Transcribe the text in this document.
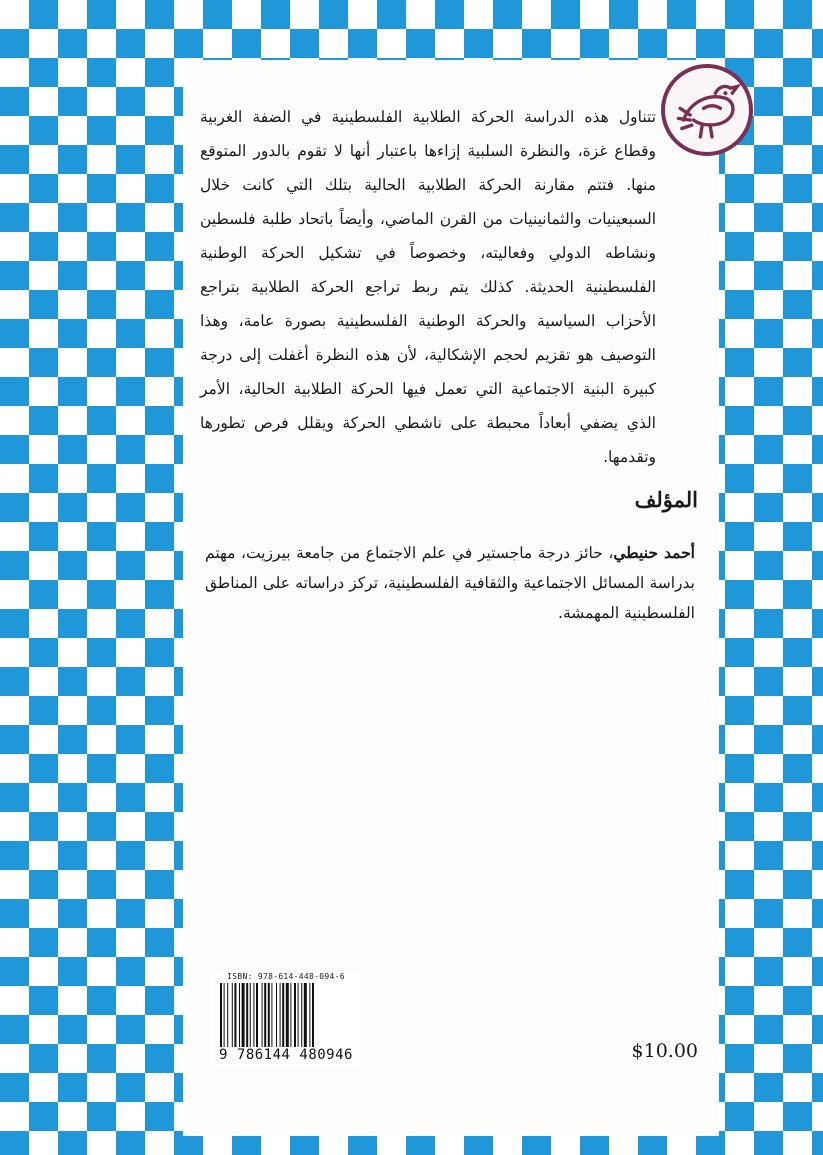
تتناول هذه الدراسة الحركة الطلابية الفلسطينية في الضفة الغربية وقطاع غزة، والنظرة السلبية إزاءها باعتبار أنها لا تقوم بالدور المتوقع منها. فتتم مقارنة الحركة الطلابية الحالية بتلك التي كانت خلال السبعينيات والثمانينيات من القرن الماضي، وأيضاً باتحاد طلبة فلسطين ونشاطه الدولي وفعاليته، وخصوصاً في تشكيل الحركة الوطنية الفلسطينية الحديثة. كذلك يتم ربط تراجع الحركة الطلابية بتراجع الأحزاب السياسية والحركة الوطنية الفلسطينية بصورة عامة، وهذا التوصيف هو تقزيم لحجم الإشكالية، لأن هذه النظرة أغفلت إلى درجة كبيرة البنية الاجتماعية التي تعمل فيها الحركة الطلابية الحالية، الأمر الذي يضفي أبعاداً محبطة على ناشطي الحركة ويقلل فرص تطورها وتقدمها.

المؤلف

أحمد حنيطي، حائز درجة ماجستير في علم الاجتماع من جامعة بيرزيت، مهتم بدراسة المسائل الاجتماعية والثقافية الفلسطينية، تركز دراساته على المناطق الفلسطينية المهمشة.

ISBN: 978-614-448-094-6

9 786144 480946	$10.00
